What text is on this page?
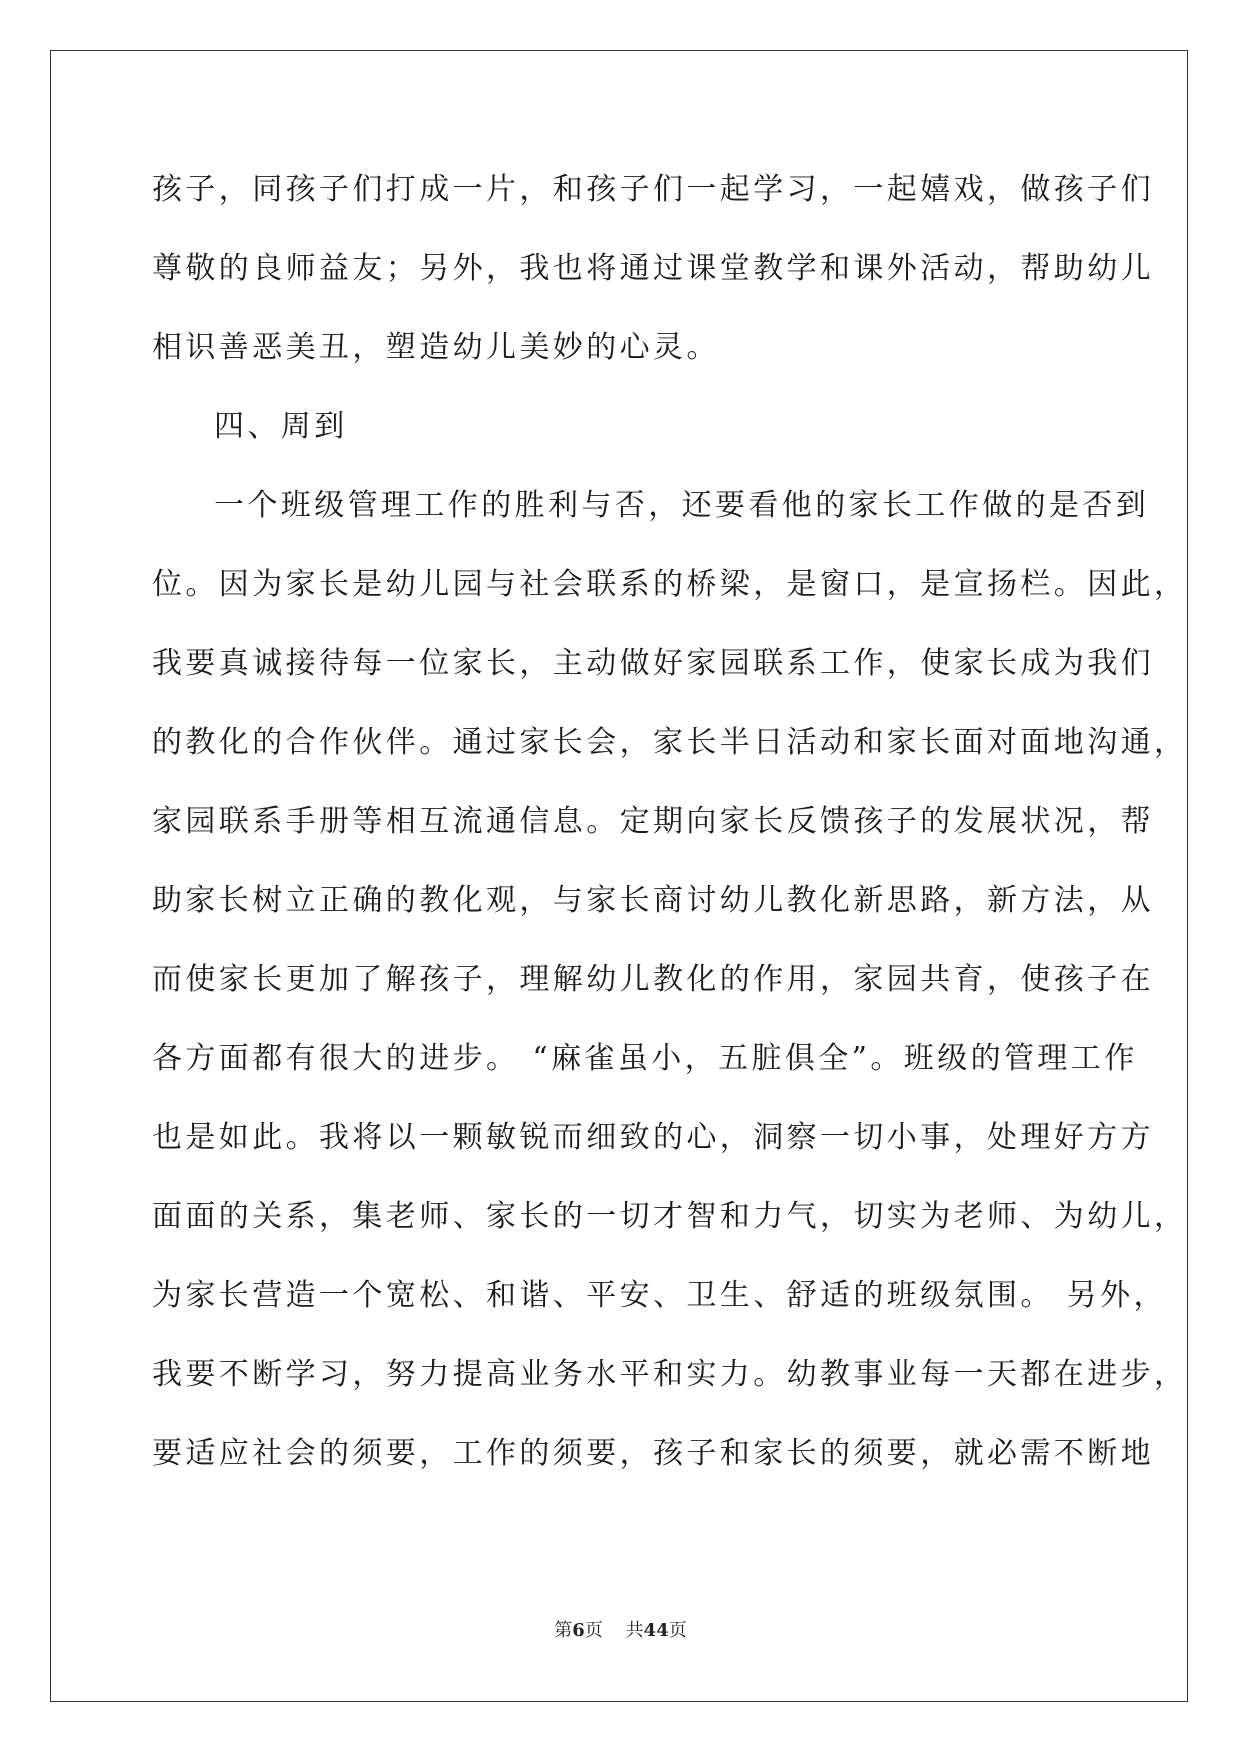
孩子，同孩子们打成一片，和孩子们一起学习，一起嬉戏，做孩子们
尊敬的良师益友；另外，我也将通过课堂教学和课外活动，帮助幼儿
相识善恶美丑，塑造幼儿美妙的心灵。
四、周到
一个班级管理工作的胜利与否，还要看他的家长工作做的是否到
位。因为家长是幼儿园与社会联系的桥梁，是窗口，是宣扬栏。因此，
我要真诚接待每一位家长，主动做好家园联系工作，使家长成为我们
的教化的合作伙伴。通过家长会，家长半日活动和家长面对面地沟通，
家园联系手册等相互流通信息。定期向家长反馈孩子的发展状况，帮
助家长树立正确的教化观，与家长商讨幼儿教化新思路，新方法，从
而使家长更加了解孩子，理解幼儿教化的作用，家园共育，使孩子在
各方面都有很大的进步。 “麻雀虽小，五脏俱全”。班级的管理工作
也是如此。我将以一颗敏锐而细致的心，洞察一切小事，处理好方方
面面的关系，集老师、家长的一切才智和力气，切实为老师、为幼儿，
为家长营造一个宽松、和谐、平安、卫生、舒适的班级氛围。 另外，
我要不断学习，努力提高业务水平和实力。幼教事业每一天都在进步，
要适应社会的须要，工作的须要，孩子和家长的须要，就必需不断地
第6页 共44页
